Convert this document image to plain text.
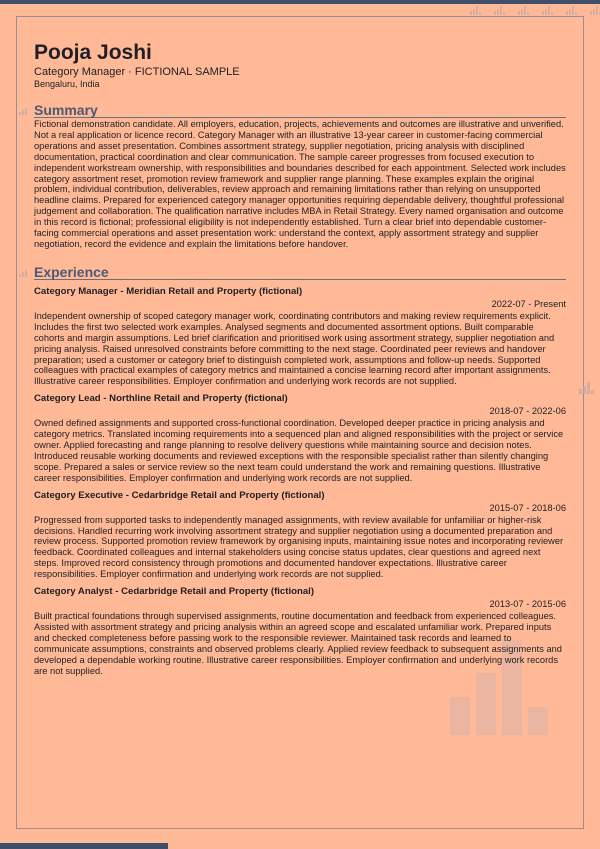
Pooja Joshi
Category Manager · FICTIONAL SAMPLE
Bengaluru, India
Summary

Fictional demonstration candidate. All employers, education, projects, achievements and outcomes are illustrative and unverified. Not a real application or licence record. Category Manager with an illustrative 13-year career in customer-facing commercial operations and asset presentation. Combines assortment strategy, supplier negotiation, pricing analysis with disciplined documentation, practical coordination and clear communication. The sample career progresses from focused execution to independent workstream ownership, with responsibilities and boundaries described for each appointment. Selected work includes category assortment reset, promotion review framework and supplier range planning. These examples explain the original problem, individual contribution, deliverables, review approach and remaining limitations rather than relying on unsupported headline claims. Prepared for experienced category manager opportunities requiring dependable delivery, thoughtful professional judgement and collaboration. The qualification narrative includes MBA in Retail Strategy. Every named organisation and outcome in this record is fictional; professional eligibility is not independently established. Turn a clear brief into dependable customer-facing commercial operations and asset presentation work: understand the context, apply assortment strategy and supplier negotiation, record the evidence and explain the limitations before handover.

Experience
Category Manager - Meridian Retail and Property (fictional)
2022-07 - Present

Independent ownership of scoped category manager work, coordinating contributors and making review requirements explicit. Includes the first two selected work examples. Analysed segments and documented assortment options. Built comparable cohorts and margin assumptions. Led brief clarification and prioritised work using assortment strategy, supplier negotiation and pricing analysis. Raised unresolved constraints before committing to the next stage. Coordinated peer reviews and handover preparation; used a customer or category brief to distinguish completed work, assumptions and follow-up needs. Supported colleagues with practical examples of category metrics and maintained a concise learning record after important assignments. Illustrative career responsibilities. Employer confirmation and underlying work records are not supplied.

Category Lead - Northline Retail and Property (fictional)
2018-07 - 2022-06

Owned defined assignments and supported cross-functional coordination. Developed deeper practice in pricing analysis and category metrics. Translated incoming requirements into a sequenced plan and aligned responsibilities with the project or service owner. Applied forecasting and range planning to resolve delivery questions while maintaining source and decision notes. Introduced reusable working documents and reviewed exceptions with the responsible specialist rather than silently changing scope. Prepared a sales or service review so the next team could understand the work and remaining questions. Illustrative career responsibilities. Employer confirmation and underlying work records are not supplied.

Category Executive - Cedarbridge Retail and Property (fictional)
2015-07 - 2018-06

Progressed from supported tasks to independently managed assignments, with review available for unfamiliar or higher-risk decisions. Handled recurring work involving assortment strategy and supplier negotiation using a documented preparation and review process. Supported promotion review framework by organising inputs, maintaining issue notes and incorporating reviewer feedback. Coordinated colleagues and internal stakeholders using concise status updates, clear questions and agreed next steps. Improved record consistency through promotions and documented handover expectations. Illustrative career responsibilities. Employer confirmation and underlying work records are not supplied.

Category Analyst - Cedarbridge Retail and Property (fictional)
2013-07 - 2015-06

Built practical foundations through supervised assignments, routine documentation and feedback from experienced colleagues. Assisted with assortment strategy and pricing analysis within an agreed scope and escalated unfamiliar work. Prepared inputs and checked completeness before passing work to the responsible reviewer. Maintained task records and learned to communicate assumptions, constraints and observed problems clearly. Applied review feedback to subsequent assignments and developed a dependable working routine. Illustrative career responsibilities. Employer confirmation and underlying work records are not supplied.
